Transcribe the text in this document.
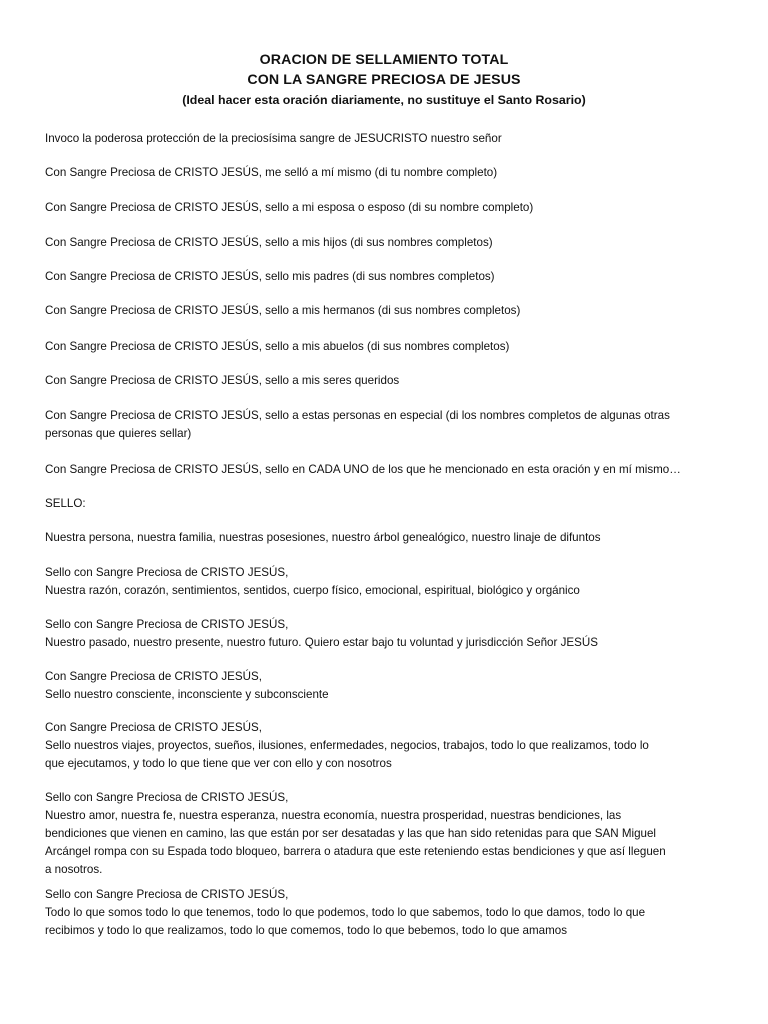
ORACION DE SELLAMIENTO TOTAL
CON LA SANGRE PRECIOSA DE JESUS
(Ideal hacer esta oración diariamente, no sustituye el Santo Rosario)
Invoco la poderosa protección de la preciosísima sangre de JESUCRISTO nuestro señor
Con Sangre Preciosa de CRISTO JESÚS, me selló a mí mismo (di tu nombre completo)
Con Sangre Preciosa de CRISTO JESÚS, sello a mi esposa o esposo (di su nombre completo)
Con Sangre Preciosa de CRISTO JESÚS, sello a mis hijos (di sus nombres completos)
Con Sangre Preciosa de CRISTO JESÚS, sello mis padres (di sus nombres completos)
Con Sangre Preciosa de CRISTO JESÚS, sello a mis hermanos (di sus nombres completos)
Con Sangre Preciosa de CRISTO JESÚS, sello a mis abuelos (di sus nombres completos)
Con Sangre Preciosa de CRISTO JESÚS, sello a mis seres queridos
Con Sangre Preciosa de CRISTO JESÚS, sello a estas personas en especial (di los nombres completos de algunas otras
personas que quieres sellar)
Con Sangre Preciosa de CRISTO JESÚS, sello en CADA UNO de los que he mencionado en esta oración y en mí mismo…
SELLO:
Nuestra persona, nuestra familia, nuestras posesiones, nuestro árbol genealógico, nuestro linaje de difuntos
Sello con Sangre Preciosa de CRISTO JESÚS,
Nuestra razón, corazón, sentimientos, sentidos, cuerpo físico, emocional, espiritual, biológico y orgánico
Sello con Sangre Preciosa de CRISTO JESÚS,
Nuestro pasado, nuestro presente, nuestro futuro. Quiero estar bajo tu voluntad y jurisdicción Señor JESÚS
Con Sangre Preciosa de CRISTO JESÚS,
Sello nuestro consciente, inconsciente y subconsciente
Con Sangre Preciosa de CRISTO JESÚS,
Sello nuestros viajes, proyectos, sueños, ilusiones, enfermedades, negocios, trabajos, todo lo que realizamos, todo lo
que ejecutamos, y todo lo que tiene que ver con ello y con nosotros
Sello con Sangre Preciosa de CRISTO JESÚS,
Nuestro amor, nuestra fe, nuestra esperanza, nuestra economía, nuestra prosperidad, nuestras bendiciones, las
bendiciones que vienen en camino, las que están por ser desatadas y las que han sido retenidas para que SAN Miguel
Arcángel rompa con su Espada todo bloqueo, barrera o atadura que este reteniendo estas bendiciones y que así lleguen
a nosotros.
Sello con Sangre Preciosa de CRISTO JESÚS,
Todo lo que somos todo lo que tenemos, todo lo que podemos, todo lo que sabemos, todo lo que damos, todo lo que
recibimos y todo lo que realizamos, todo lo que comemos, todo lo que bebemos, todo lo que amamos
